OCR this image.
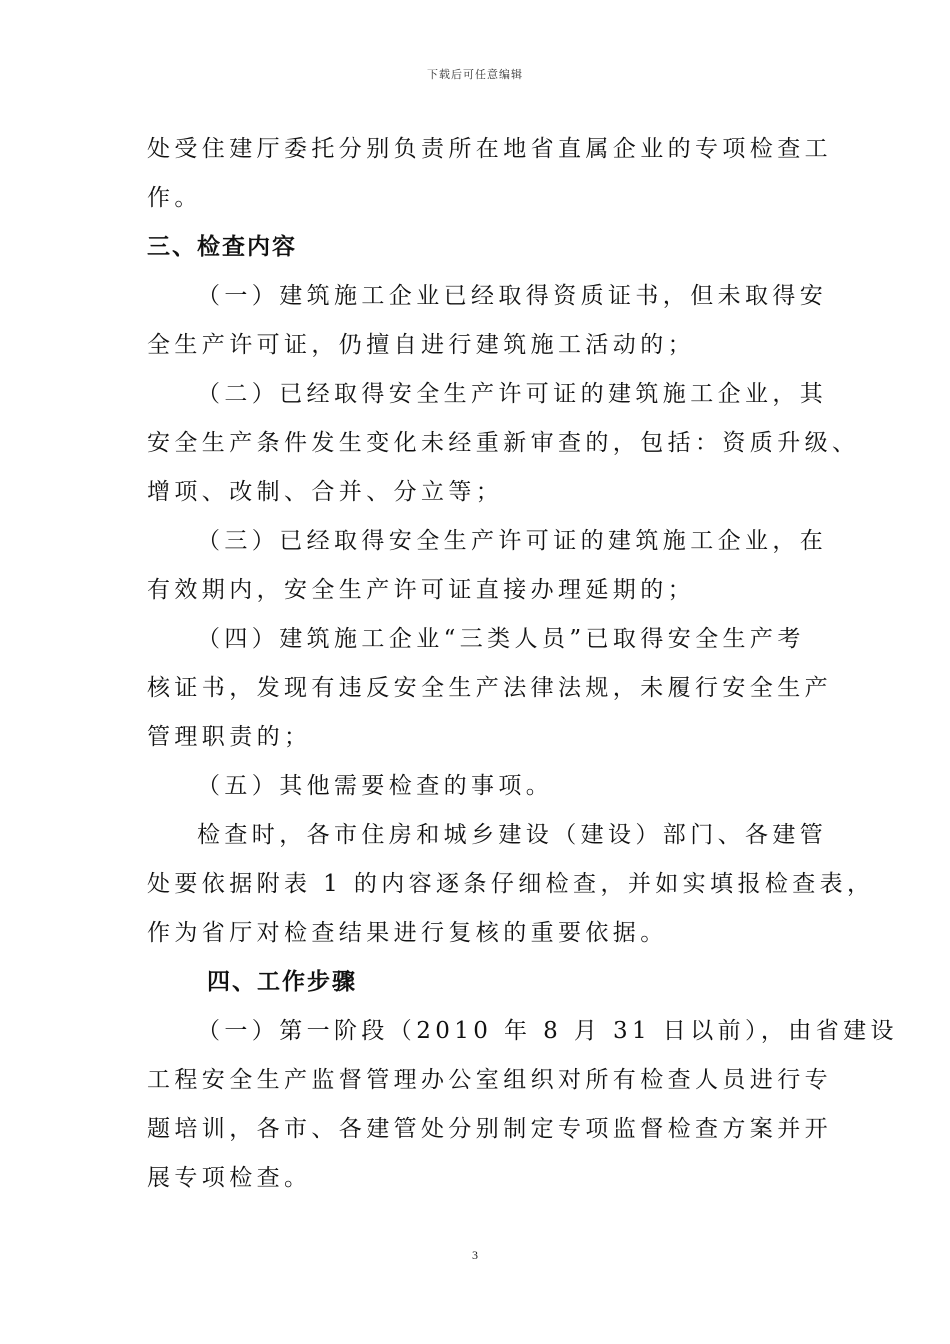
下载后可任意编辑

处受住建厅委托分别负责所在地省直属企业的专项检查工

作。

三、检查内容

（一）建筑施工企业已经取得资质证书，但未取得安

全生产许可证，仍擅自进行建筑施工活动的；

（二）已经取得安全生产许可证的建筑施工企业，其

安全生产条件发生变化未经重新审查的，包括：资质升级、

增项、改制、合并、分立等；

（三）已经取得安全生产许可证的建筑施工企业，在

有效期内，安全生产许可证直接办理延期的；

（四）建筑施工企业“三类人员”已取得安全生产考

核证书，发现有违反安全生产法律法规，未履行安全生产

管理职责的；

（五）其他需要检查的事项。

检查时，各市住房和城乡建设（建设）部门、各建管

处要依据附表 1 的内容逐条仔细检查，并如实填报检查表，

作为省厅对检查结果进行复核的重要依据。

四、工作步骤

（一）第一阶段（2010 年 8 月 31 日以前），由省建设

工程安全生产监督管理办公室组织对所有检查人员进行专

题培训，各市、各建管处分别制定专项监督检查方案并开

展专项检查。

3
